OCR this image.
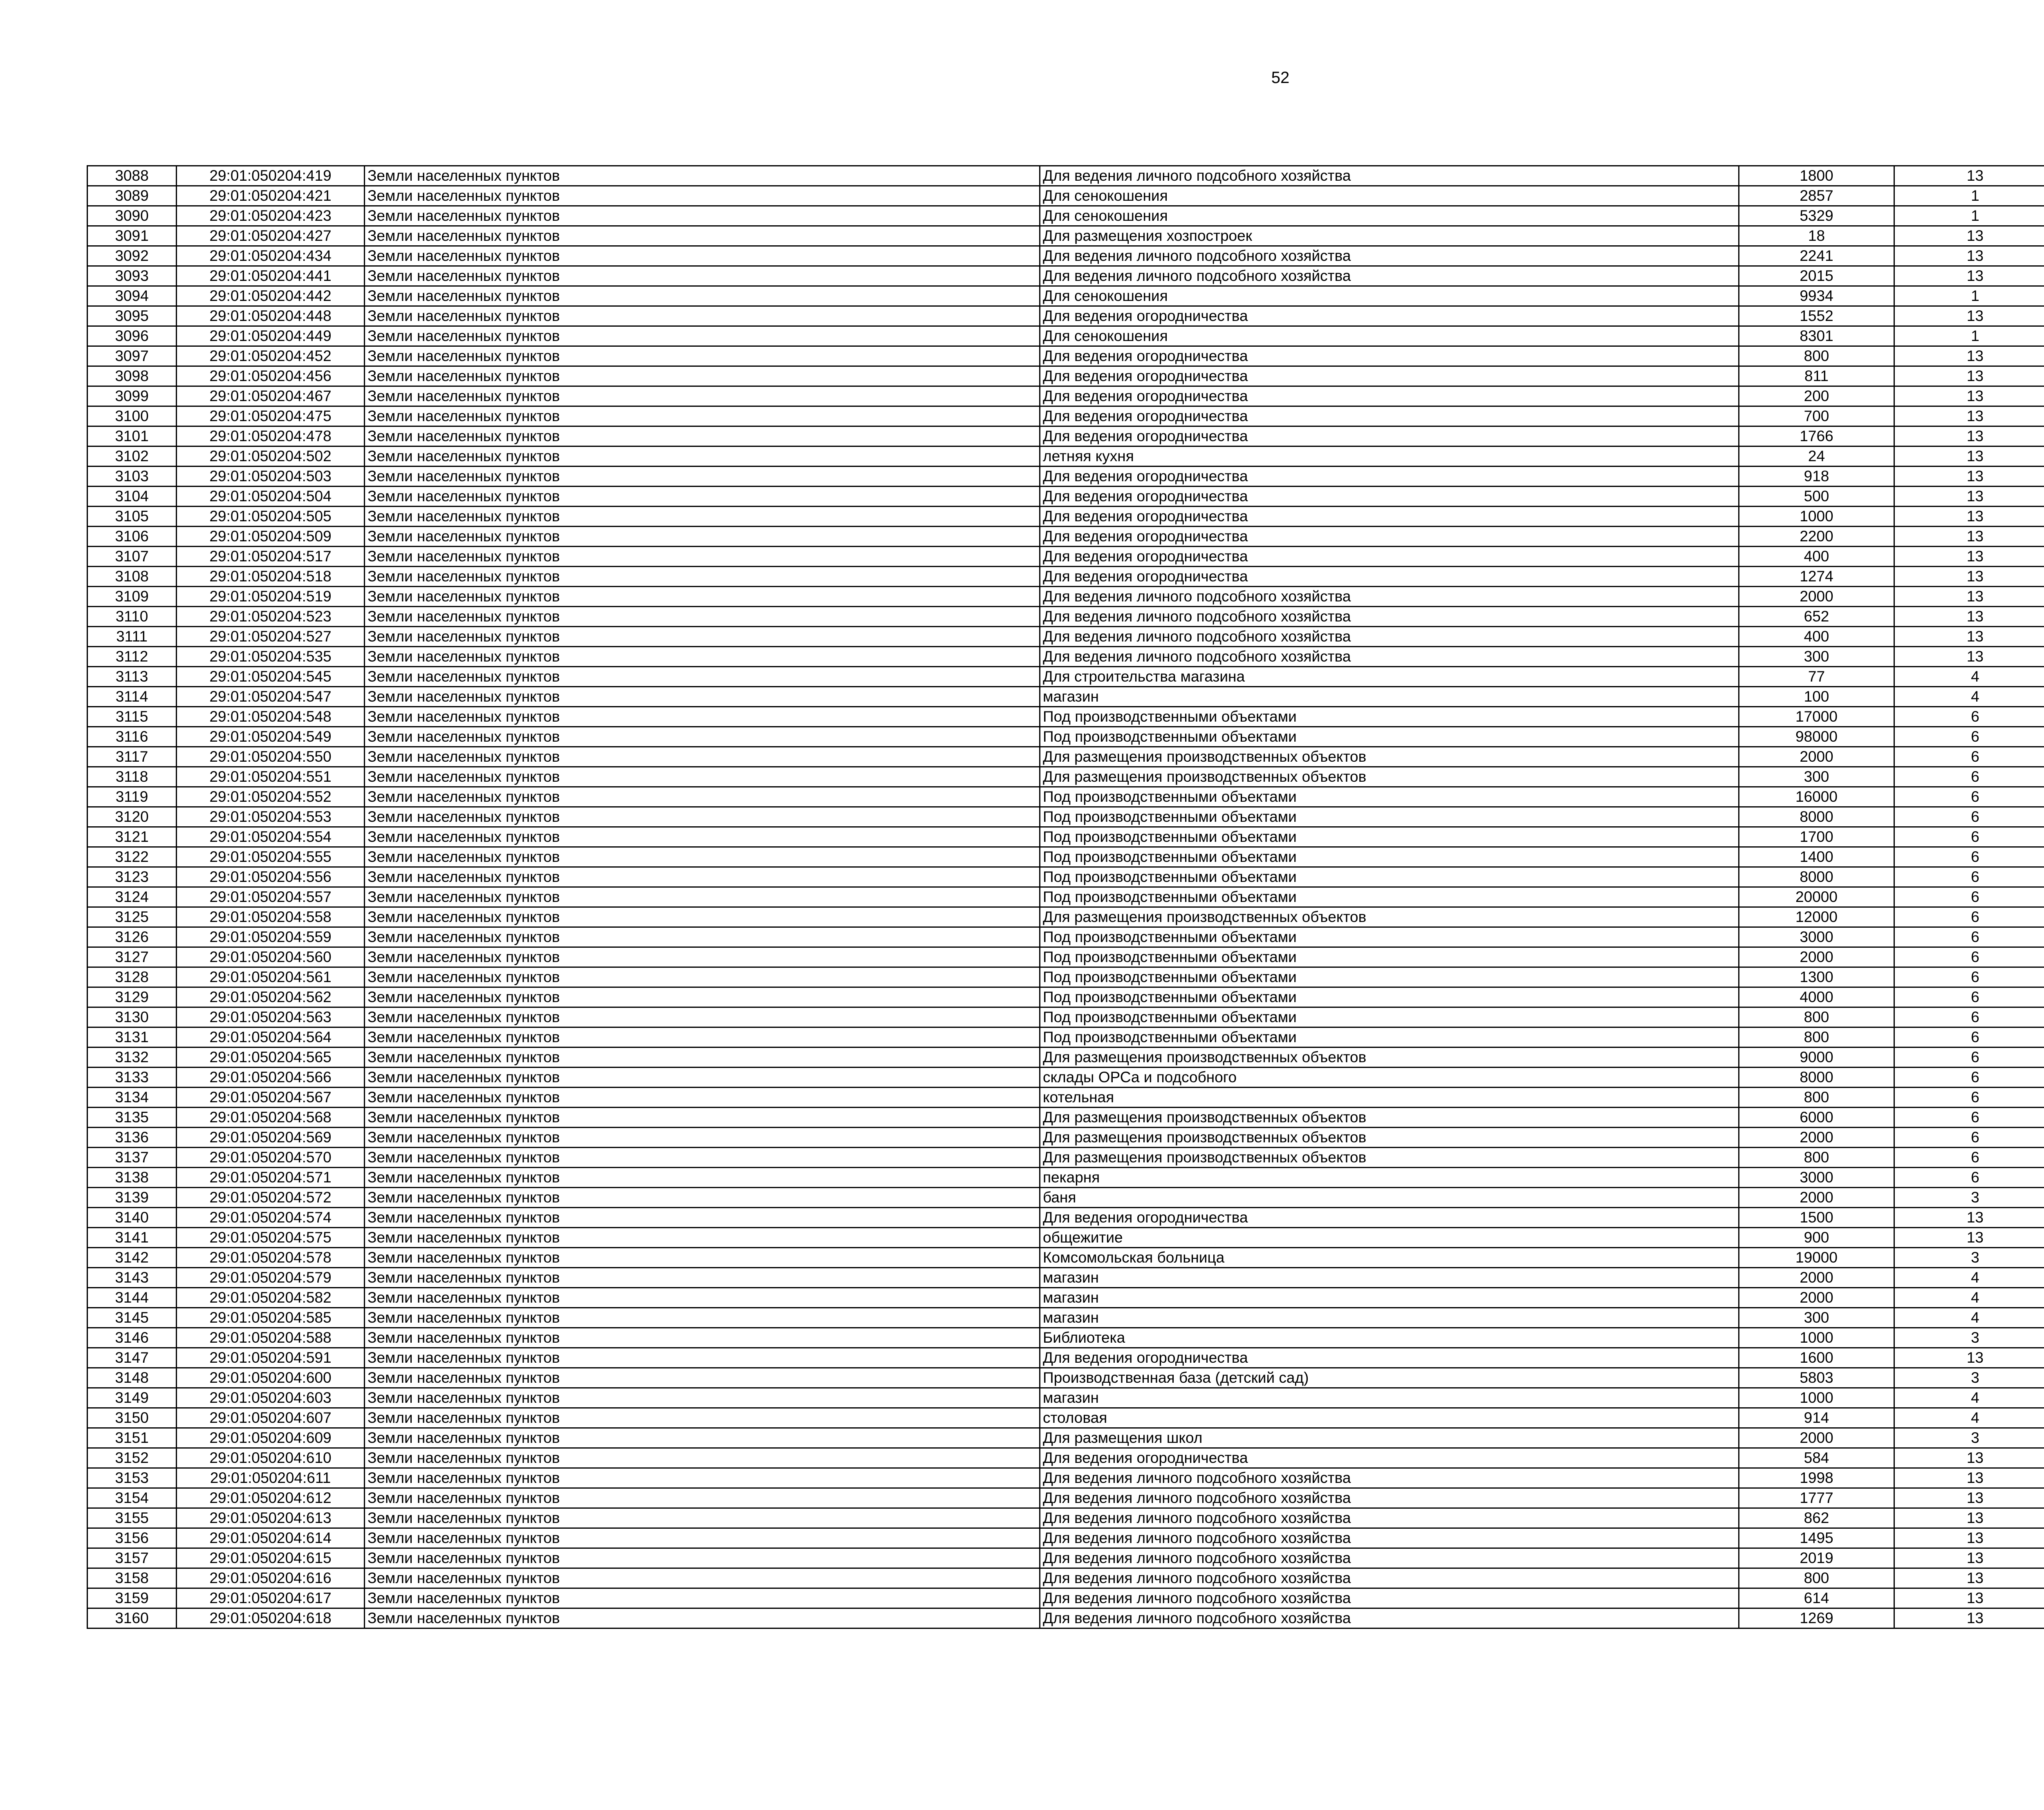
52
3088	29:01:050204:419	Земли населенных пунктов	Для ведения личного подсобного хозяйства	1800	13		
3089	29:01:050204:421	Земли населенных пунктов	Для сенокошения	2857	1		
3090	29:01:050204:423	Земли населенных пунктов	Для сенокошения	5329	1		
3091	29:01:050204:427	Земли населенных пунктов	Для размещения хозпостроек	18	13		
3092	29:01:050204:434	Земли населенных пунктов	Для ведения личного подсобного хозяйства	2241	13		
3093	29:01:050204:441	Земли населенных пунктов	Для ведения личного подсобного хозяйства	2015	13		
3094	29:01:050204:442	Земли населенных пунктов	Для сенокошения	9934	1		
3095	29:01:050204:448	Земли населенных пунктов	Для ведения огородничества	1552	13		
3096	29:01:050204:449	Земли населенных пунктов	Для сенокошения	8301	1		
3097	29:01:050204:452	Земли населенных пунктов	Для ведения огородничества	800	13		
3098	29:01:050204:456	Земли населенных пунктов	Для ведения огородничества	811	13		
3099	29:01:050204:467	Земли населенных пунктов	Для ведения огородничества	200	13		
3100	29:01:050204:475	Земли населенных пунктов	Для ведения огородничества	700	13		
3101	29:01:050204:478	Земли населенных пунктов	Для ведения огородничества	1766	13		
3102	29:01:050204:502	Земли населенных пунктов	летняя кухня	24	13		
3103	29:01:050204:503	Земли населенных пунктов	Для ведения огородничества	918	13		
3104	29:01:050204:504	Земли населенных пунктов	Для ведения огородничества	500	13		
3105	29:01:050204:505	Земли населенных пунктов	Для ведения огородничества	1000	13		
3106	29:01:050204:509	Земли населенных пунктов	Для ведения огородничества	2200	13		
3107	29:01:050204:517	Земли населенных пунктов	Для ведения огородничества	400	13		
3108	29:01:050204:518	Земли населенных пунктов	Для ведения огородничества	1274	13		
3109	29:01:050204:519	Земли населенных пунктов	Для ведения личного подсобного хозяйства	2000	13		
3110	29:01:050204:523	Земли населенных пунктов	Для ведения личного подсобного хозяйства	652	13		
3111	29:01:050204:527	Земли населенных пунктов	Для ведения личного подсобного хозяйства	400	13		
3112	29:01:050204:535	Земли населенных пунктов	Для ведения личного подсобного хозяйства	300	13		
3113	29:01:050204:545	Земли населенных пунктов	Для строительства магазина	77	4		
3114	29:01:050204:547	Земли населенных пунктов	магазин	100	4		
3115	29:01:050204:548	Земли населенных пунктов	Под производственными объектами	17000	6		
3116	29:01:050204:549	Земли населенных пунктов	Под производственными объектами	98000	6		
3117	29:01:050204:550	Земли населенных пунктов	Для размещения производственных объектов	2000	6		
3118	29:01:050204:551	Земли населенных пунктов	Для размещения производственных объектов	300	6		
3119	29:01:050204:552	Земли населенных пунктов	Под производственными объектами	16000	6		
3120	29:01:050204:553	Земли населенных пунктов	Под производственными объектами	8000	6		
3121	29:01:050204:554	Земли населенных пунктов	Под производственными объектами	1700	6		
3122	29:01:050204:555	Земли населенных пунктов	Под производственными объектами	1400	6		
3123	29:01:050204:556	Земли населенных пунктов	Под производственными объектами	8000	6		
3124	29:01:050204:557	Земли населенных пунктов	Под производственными объектами	20000	6		
3125	29:01:050204:558	Земли населенных пунктов	Для размещения производственных объектов	12000	6		
3126	29:01:050204:559	Земли населенных пунктов	Под производственными объектами	3000	6		
3127	29:01:050204:560	Земли населенных пунктов	Под производственными объектами	2000	6		
3128	29:01:050204:561	Земли населенных пунктов	Под производственными объектами	1300	6		
3129	29:01:050204:562	Земли населенных пунктов	Под производственными объектами	4000	6		
3130	29:01:050204:563	Земли населенных пунктов	Под производственными объектами	800	6		
3131	29:01:050204:564	Земли населенных пунктов	Под производственными объектами	800	6		
3132	29:01:050204:565	Земли населенных пунктов	Для размещения производственных объектов	9000	6		
3133	29:01:050204:566	Земли населенных пунктов	склады ОРСа и подсобного	8000	6		
3134	29:01:050204:567	Земли населенных пунктов	котельная	800	6		
3135	29:01:050204:568	Земли населенных пунктов	Для размещения производственных объектов	6000	6		
3136	29:01:050204:569	Земли населенных пунктов	Для размещения производственных объектов	2000	6		
3137	29:01:050204:570	Земли населенных пунктов	Для размещения производственных объектов	800	6		
3138	29:01:050204:571	Земли населенных пунктов	пекарня	3000	6		
3139	29:01:050204:572	Земли населенных пунктов	баня	2000	3		
3140	29:01:050204:574	Земли населенных пунктов	Для ведения огородничества	1500	13		
3141	29:01:050204:575	Земли населенных пунктов	общежитие	900	13		
3142	29:01:050204:578	Земли населенных пунктов	Комсомольская больница	19000	3		
3143	29:01:050204:579	Земли населенных пунктов	магазин	2000	4		
3144	29:01:050204:582	Земли населенных пунктов	магазин	2000	4		
3145	29:01:050204:585	Земли населенных пунктов	магазин	300	4		
3146	29:01:050204:588	Земли населенных пунктов	Библиотека	1000	3		
3147	29:01:050204:591	Земли населенных пунктов	Для ведения огородничества	1600	13		
3148	29:01:050204:600	Земли населенных пунктов	Производственная база (детский сад)	5803	3		
3149	29:01:050204:603	Земли населенных пунктов	магазин	1000	4		
3150	29:01:050204:607	Земли населенных пунктов	столовая	914	4		
3151	29:01:050204:609	Земли населенных пунктов	Для размещения школ	2000	3		
3152	29:01:050204:610	Земли населенных пунктов	Для ведения огородничества	584	13		
3153	29:01:050204:611	Земли населенных пунктов	Для ведения личного подсобного хозяйства	1998	13		
3154	29:01:050204:612	Земли населенных пунктов	Для ведения личного подсобного хозяйства	1777	13		
3155	29:01:050204:613	Земли населенных пунктов	Для ведения личного подсобного хозяйства	862	13		
3156	29:01:050204:614	Земли населенных пунктов	Для ведения личного подсобного хозяйства	1495	13		
3157	29:01:050204:615	Земли населенных пунктов	Для ведения личного подсобного хозяйства	2019	13		
3158	29:01:050204:616	Земли населенных пунктов	Для ведения личного подсобного хозяйства	800	13		
3159	29:01:050204:617	Земли населенных пунктов	Для ведения личного подсобного хозяйства	614	13		
3160	29:01:050204:618	Земли населенных пунктов	Для ведения личного подсобного хозяйства	1269	13		
